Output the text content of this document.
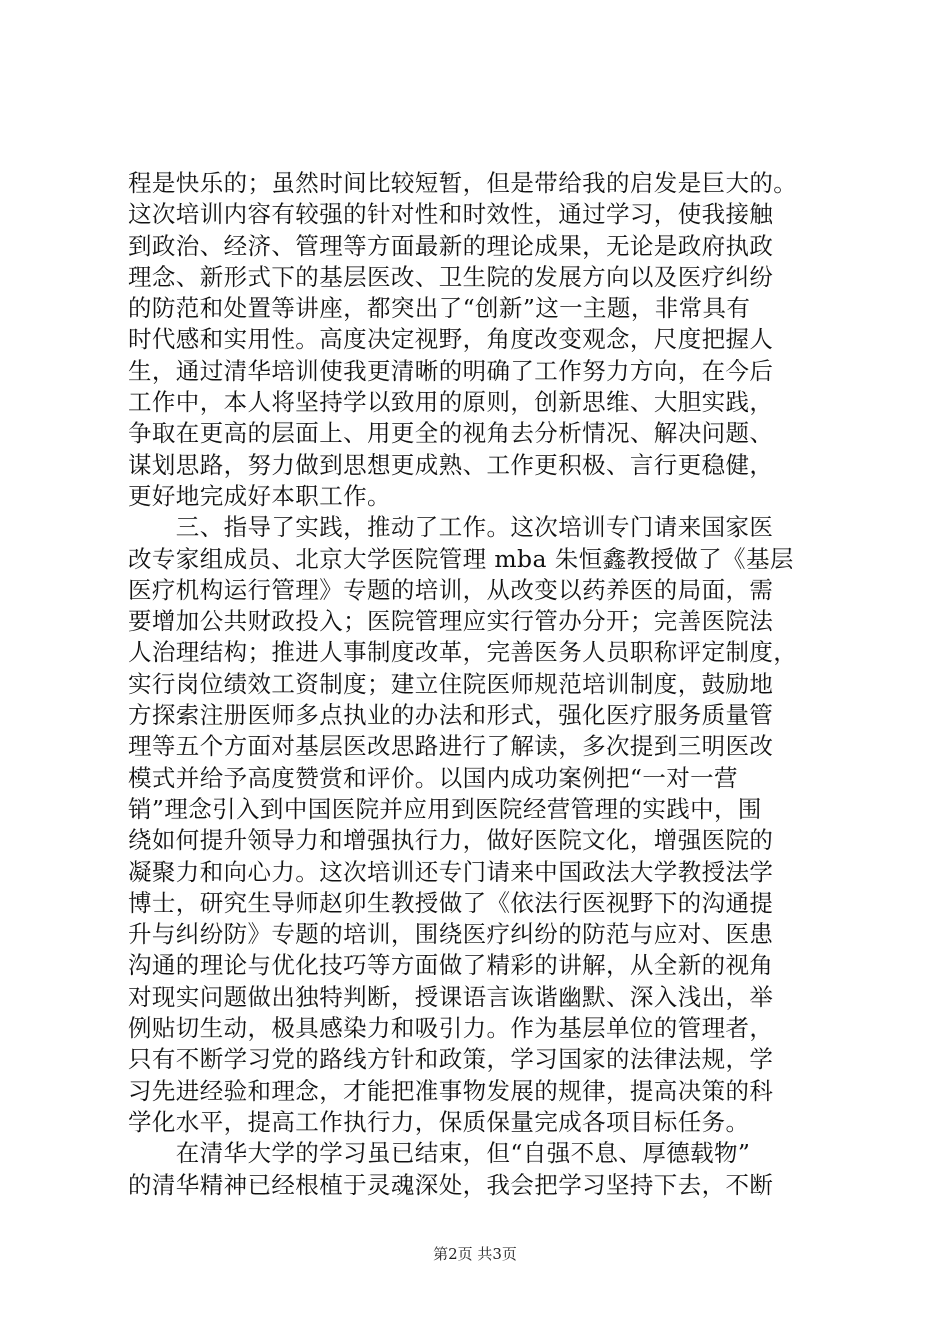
程是快乐的；虽然时间比较短暂，但是带给我的启发是巨大的。
这次培训内容有较强的针对性和时效性，通过学习，使我接触
到政治、经济、管理等方面最新的理论成果，无论是政府执政
理念、新形式下的基层医改、卫生院的发展方向以及医疗纠纷
的防范和处置等讲座，都突出了“创新”这一主题，非常具有
时代感和实用性。高度决定视野，角度改变观念，尺度把握人
生，通过清华培训使我更清晰的明确了工作努力方向，在今后
工作中，本人将坚持学以致用的原则，创新思维、大胆实践，
争取在更高的层面上、用更全的视角去分析情况、解决问题、
谋划思路，努力做到思想更成熟、工作更积极、言行更稳健，
更好地完成好本职工作。
　　三、指导了实践，推动了工作。这次培训专门请来国家医
改专家组成员、北京大学医院管理 mba 朱恒鑫教授做了《基层
医疗机构运行管理》专题的培训，从改变以药养医的局面，需
要增加公共财政投入；医院管理应实行管办分开；完善医院法
人治理结构；推进人事制度改革，完善医务人员职称评定制度，
实行岗位绩效工资制度；建立住院医师规范培训制度，鼓励地
方探索注册医师多点执业的办法和形式，强化医疗服务质量管
理等五个方面对基层医改思路进行了解读，多次提到三明医改
模式并给予高度赞赏和评价。以国内成功案例把“一对一营
销”理念引入到中国医院并应用到医院经营管理的实践中，围
绕如何提升领导力和增强执行力，做好医院文化，增强医院的
凝聚力和向心力。这次培训还专门请来中国政法大学教授法学
博士，研究生导师赵卯生教授做了《依法行医视野下的沟通提
升与纠纷防》专题的培训，围绕医疗纠纷的防范与应对、医患
沟通的理论与优化技巧等方面做了精彩的讲解，从全新的视角
对现实问题做出独特判断，授课语言诙谐幽默、深入浅出，举
例贴切生动，极具感染力和吸引力。作为基层单位的管理者，
只有不断学习党的路线方针和政策，学习国家的法律法规，学
习先进经验和理念，才能把准事物发展的规律，提高决策的科
学化水平，提高工作执行力，保质保量完成各项目标任务。
　　在清华大学的学习虽已结束，但“自强不息、厚德载物”
的清华精神已经根植于灵魂深处，我会把学习坚持下去，不断
第2页 共3页
